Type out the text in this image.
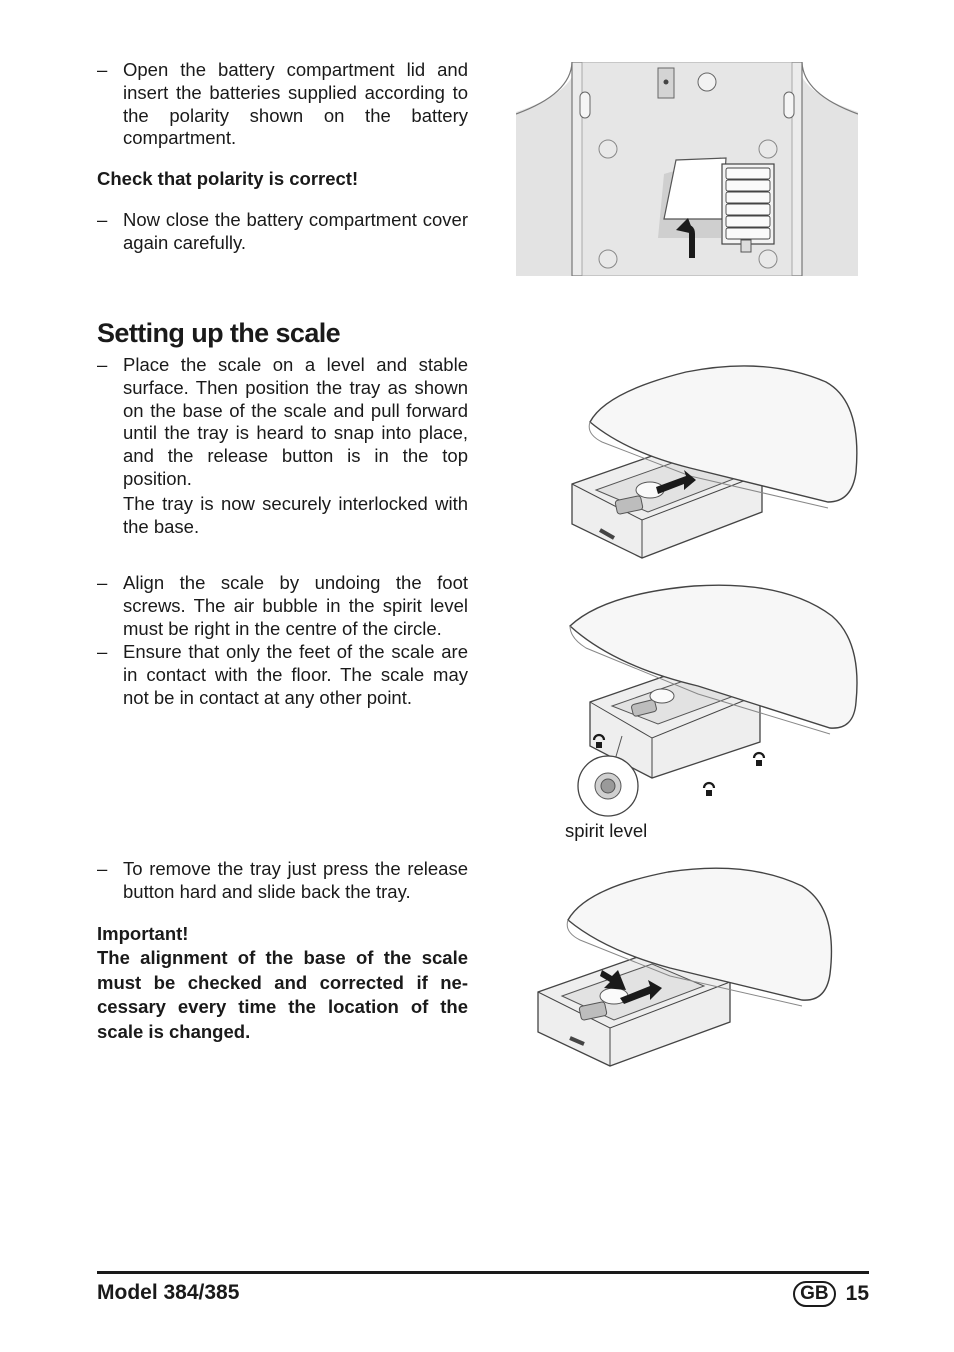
– Open the battery compartment lid and insert the batteries supplied according to the polarity shown on the battery compartment.
Check that polarity is correct!
– Now close the battery compartment cover again carefully.
Setting up the scale
– Place the scale on a level and stable surface. Then position the tray as shown on the base of the scale and pull forward until the tray is heard to snap into place, and the release button is in the top position.
The tray is now securely interlocked with the base.
– Align the scale by undoing the foot screws. The air bubble in the spirit level must be right in the centre of the circle.
– Ensure that only the feet of the scale are in contact with the floor. The scale may not be in contact at any other point.
– To remove the tray just press the release button hard and slide back the tray.
Important!
The alignment of the base of the scale must be checked and corrected if necessary every time the location of the scale is changed.
spirit level
Model 384/385	GB 15
